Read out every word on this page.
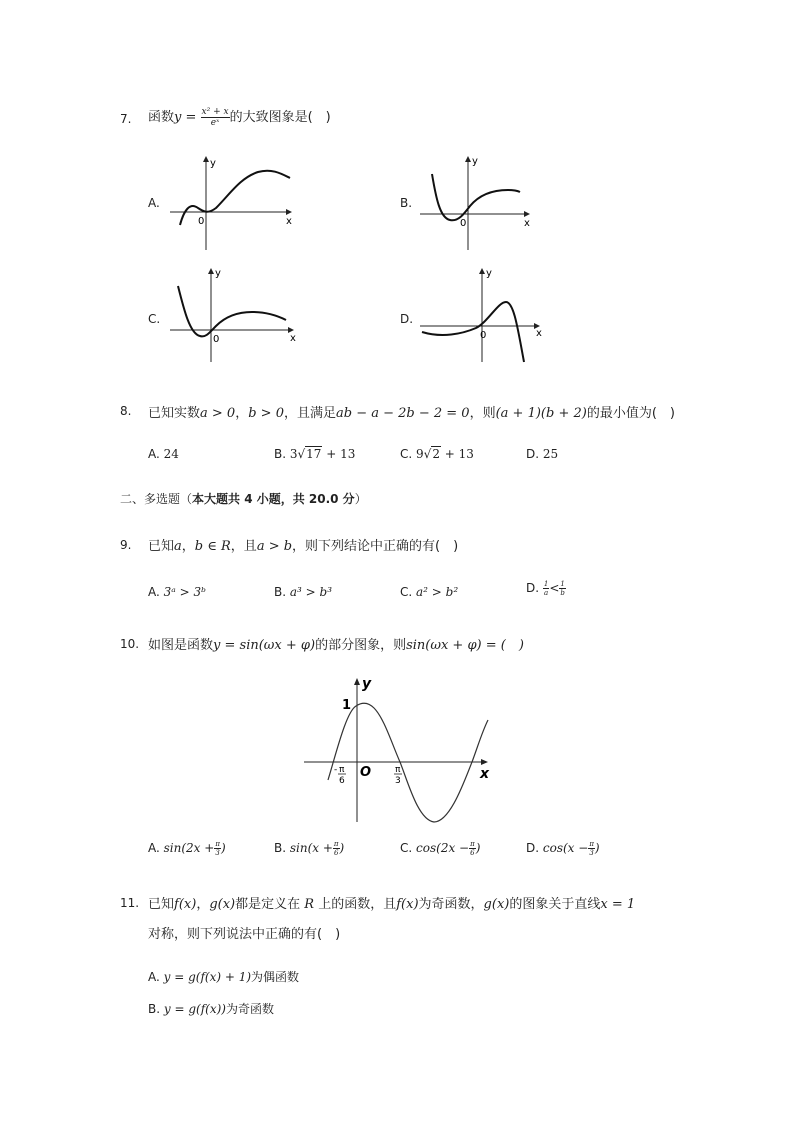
7. 函数$y = \frac{\text{x² + x}}{\text{eˣ}}$ 的大致图象是(　)
A.
y
x
0
B.
y
x
0
C.
y
x
0
D.
y
x
0
8. 已知实数a > 0，b > 0，且满足ab − a − 2b − 2 = 0，则(a + 1)(b + 2)的最小值为(　)
A. 24	B. 3√17 + 13	C. 9√2 + 13	D. 25
二、多选题（本大题共 4 小题，共 20.0 分）
9. 已知a，b ∈ R，且a > b，则下列结论中正确的有(　)
A. 3ᵃ > 3ᵇ	B. a³ > b³	C. a² > b²	D. $\frac{1}{a} < \frac{1}{b}$
10. 如图是函数y = sin(ωx + φ)的部分图象，则sin(ωx + φ) = (　)
y
x
O
1
- π
6
π
3
A. $\sin(2x + \frac{\pi}{3}$ )	B. $\sin(x + \frac{\pi}{6}$ )	C. $\cos(2x - \frac{\pi}{6}$ )	D. $\cos(x - \frac{\pi}{3}$ )
11. 已知f(x)，g(x)都是定义在 R 上的函数，且f(x)为奇函数，g(x)的图象关于直线x = 1
对称，则下列说法中正确的有(　)
A. y = g(f(x) + 1)为偶函数
B. y = g(f(x))为奇函数
